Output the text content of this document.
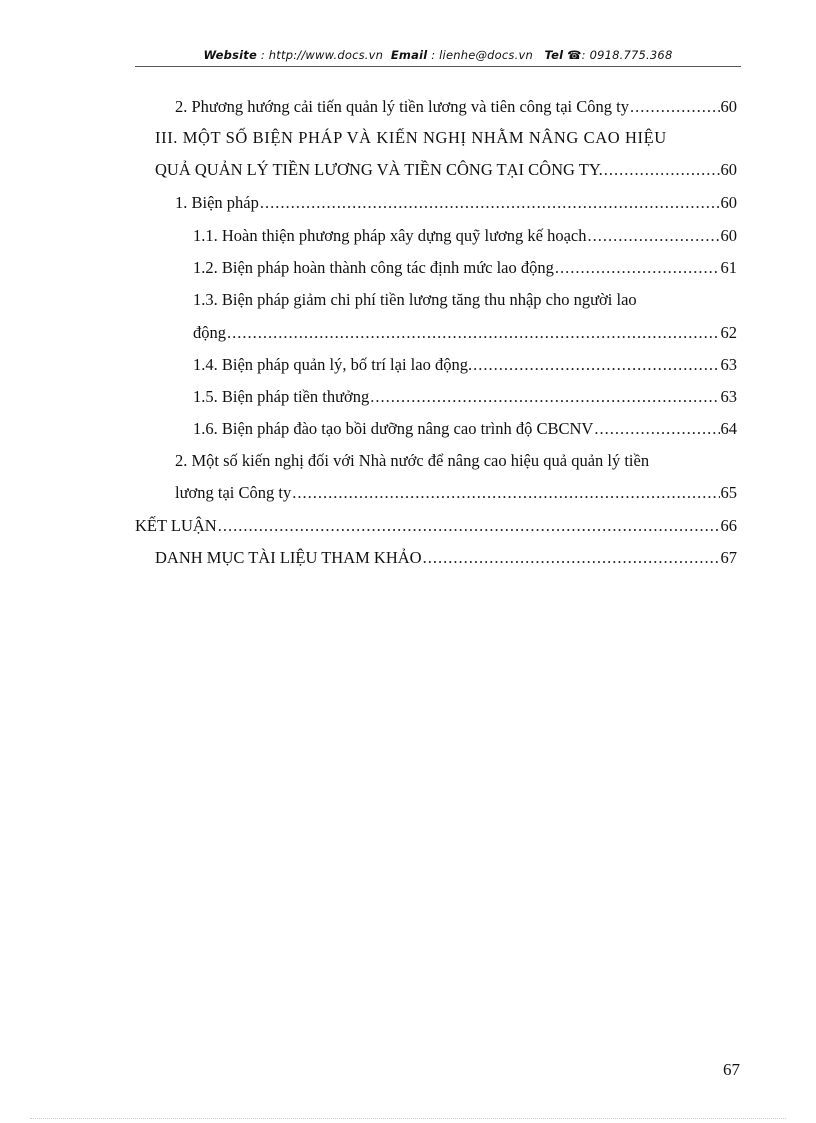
Website : http://www.docs.vn Email : lienhe@docs.vn Tel ☎: 0918.775.368
2. Phương hướng cải tiến quản lý tiền lương và tiên công tại Công ty .....	60
III. MỘT SỐ BIỆN PHÁP VÀ KIẾN NGHỊ NHẰM NÂNG CAO HIỆU
QUẢ QUẢN LÝ TIỀN LƯƠNG VÀ TIỀN CÔNG TẠI CÔNG TY. .....	60
1. Biện pháp .....	60
1.1. Hoàn thiện phương pháp xây dựng quỹ lương kế hoạch .....	60
1.2. Biện pháp hoàn thành công tác định mức lao động .....	61
1.3. Biện pháp giảm chi phí tiền lương tăng thu nhập cho người lao
động .....	62
1.4. Biện pháp quản lý, bố trí lại lao động. .....	63
1.5. Biện pháp tiền thưởng .....	63
1.6. Biện pháp đào tạo bồi dưỡng nâng cao trình độ CBCNV .....	64
2. Một số kiến nghị đối với Nhà nước để nâng cao hiệu quả quản lý tiền
lương tại Công ty .....	65
KẾT LUẬN .....	66
DANH MỤC TÀI LIỆU THAM KHẢO .....	67
67
